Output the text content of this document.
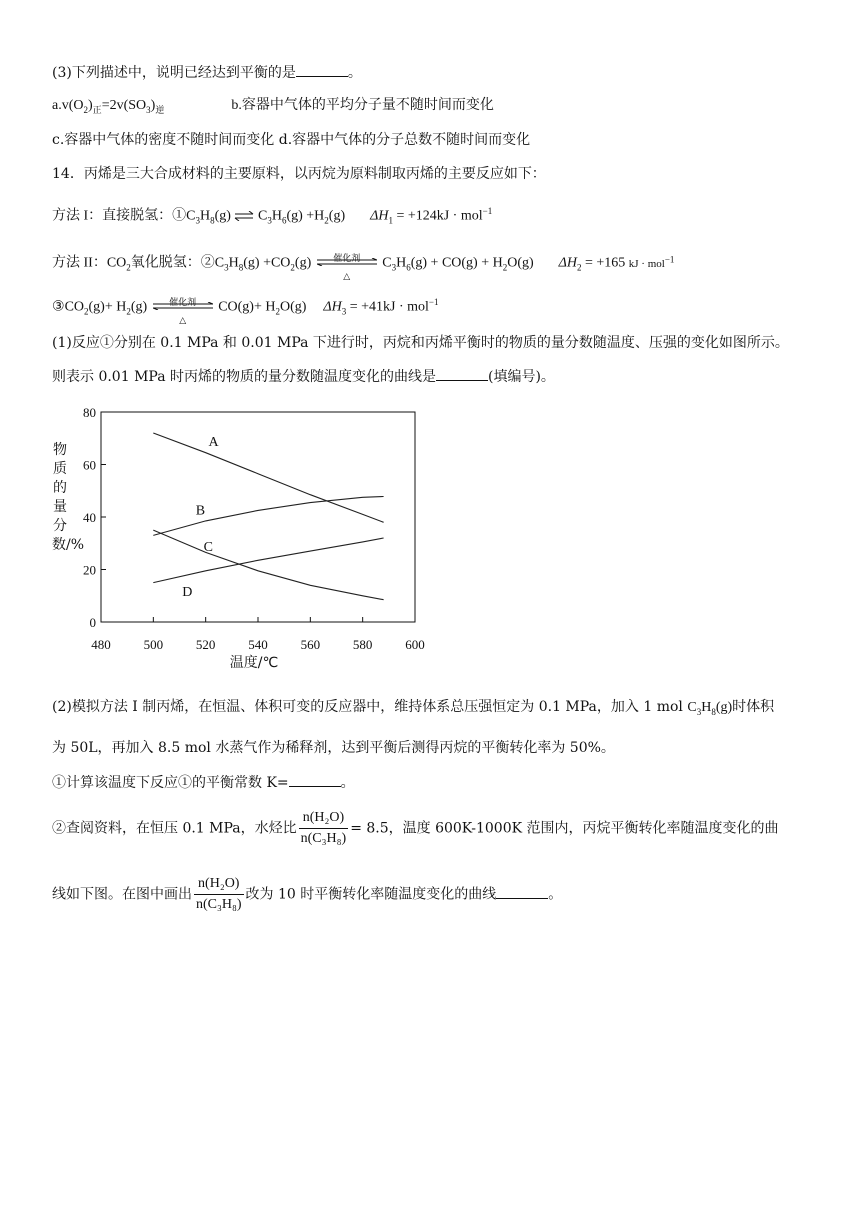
(3)下列描述中，说明已经达到平衡的是	。
$a.v(O_2)_正=2v(SO_3)_逆$	b.容器中气体的平均分子量不随时间而变化
c.容器中气体的密度不随时间而变化 d.容器中气体的分子总数不随时间而变化
14．丙烯是三大合成材料的主要原料，以丙烷为原料制取丙烯的主要反应如下：
方法 I：直接脱氢：$①C_3H_8(g)$ ⇌ $C_3H_6(g) +H_2(g) \Delta H_1 = +124kJ \cdot mol^{-1}$
方法 II：$CO_2$氧化脱氢：$②C_3H_8(g) +CO_2(g)$	催化剂
△
$C_3H_6(g) + CO(g) + H_2O(g) \Delta H_2 = +165$ kJ · mol$^{-1}$
$③CO_2(g)+ H_2(g)$	催化剂
△
$CO(g)+ H_2O(g) \Delta H_3 = +41kJ \cdot mol^{-1}$
(1)反应①分别在 0.1 MPa 和 0.01 MPa 下进行时，丙烷和丙烯平衡时的物质的量分数随温度、压强的变化如图所示。
则表示 0.01 MPa 时丙烯的物质的量分数随温度变化的曲线是	(填编号)。
物质的量分数/%
480	500	520	540	560	580	600
0
20
40
60
80
A
B
C
D
温度/℃
(2)模拟方法 I 制丙烯，在恒温、体积可变的反应器中，维持体系总压强恒定为 0.1 MPa，加入 1 mol $C_3H_8(g)$时体积
为 50L，再加入 8.5 mol 水蒸气作为稀释剂，达到平衡后测得丙烷的平衡转化率为 50%。
①计算该温度下反应①的平衡常数 K=	。
②查阅资料，在恒压 0.1 MPa，水烃比 $\frac{\text{n(H₂O)}}{\text{n(C₃H₈)}} = 8.5$，温度 600K-1000K 范围内，丙烷平衡转化率随温度变化的曲
线如下图。在图中画出 $\frac{\text{n(H₂O)}}{\text{n(C₃H₈)}}$ 改为 10 时平衡转化率随温度变化的曲线	。
